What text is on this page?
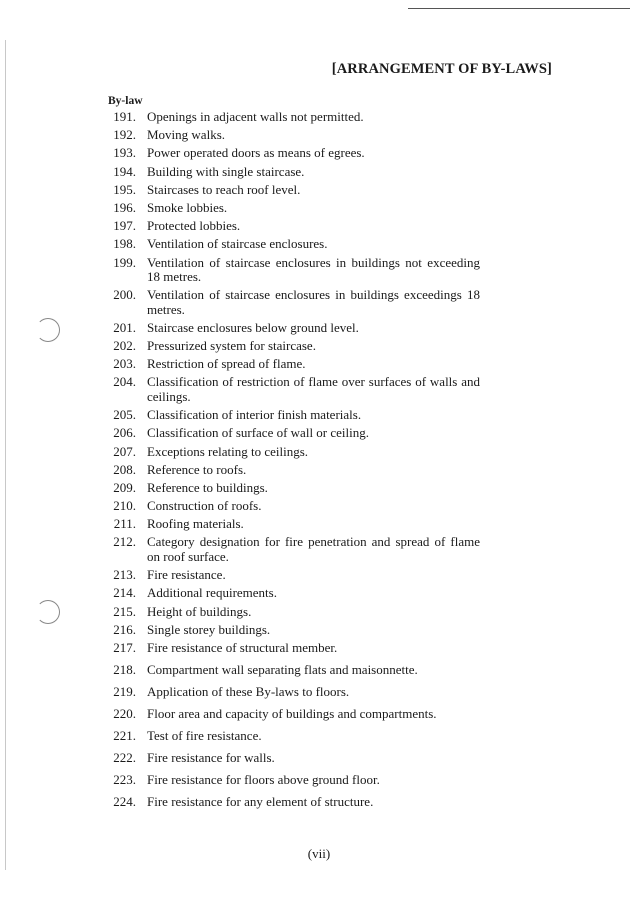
[ARRANGEMENT OF BY-LAWS]
By-law
191. Openings in adjacent walls not permitted.
192. Moving walks.
193. Power operated doors as means of egrees.
194. Building with single staircase.
195. Staircases to reach roof level.
196. Smoke lobbies.
197. Protected lobbies.
198. Ventilation of staircase enclosures.
199. Ventilation of staircase enclosures in buildings not exceeding 18 metres.
200. Ventilation of staircase enclosures in buildings exceedings 18 metres.
201. Staircase enclosures below ground level.
202. Pressurized system for staircase.
203. Restriction of spread of flame.
204. Classification of restriction of flame over surfaces of walls and ceilings.
205. Classification of interior finish materials.
206. Classification of surface of wall or ceiling.
207. Exceptions relating to ceilings.
208. Reference to roofs.
209. Reference to buildings.
210. Construction of roofs.
211. Roofing materials.
212. Category designation for fire penetration and spread of flame on roof surface.
213. Fire resistance.
214. Additional requirements.
215. Height of buildings.
216. Single storey buildings.
217. Fire resistance of structural member.
218. Compartment wall separating flats and maisonnette.
219. Application of these By-laws to floors.
220. Floor area and capacity of buildings and compartments.
221. Test of fire resistance.
222. Fire resistance for walls.
223. Fire resistance for floors above ground floor.
224. Fire resistance for any element of structure.
(vii)
